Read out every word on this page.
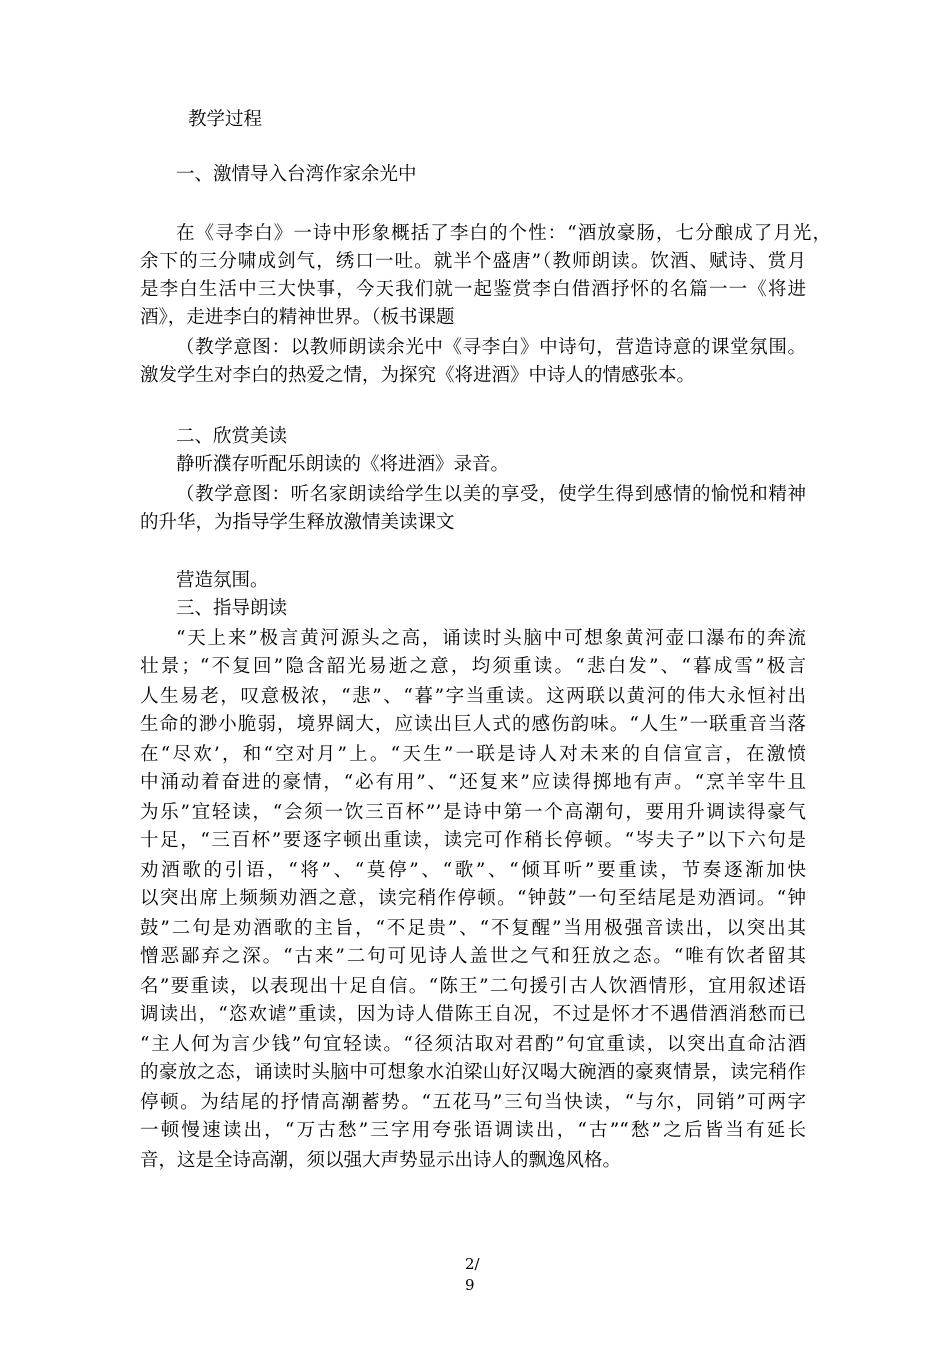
教学过程
一、激情导入台湾作家余光中
在《寻李白》一诗中形象概括了李白的个性：“酒放豪肠，七分酿成了月光，
余下的三分啸成剑气，绣口一吐。就半个盛唐”（教师朗读。饮酒、赋诗、赏月
是李白生活中三大快事，今天我们就一起鉴赏李白借酒抒怀的名篇一一《将进
酒》，走进李白的精神世界。（板书课题
（教学意图：以教师朗读余光中《寻李白》中诗句，营造诗意的课堂氛围。
激发学生对李白的热爱之情，为探究《将进酒》中诗人的情感张本。
二、欣赏美读
静听濮存听配乐朗读的《将进酒》录音。
（教学意图：听名家朗读给学生以美的享受，使学生得到感情的愉悦和精神
的升华，为指导学生释放激情美读课文
营造氛围。
三、指导朗读
“天上来”极言黄河源头之高，诵读时头脑中可想象黄河壶口瀑布的奔流
壮景；“不复回”隐含韶光易逝之意，均须重读。“悲白发”、“暮成雪”极言
人生易老，叹意极浓，“悲”、“暮”字当重读。这两联以黄河的伟大永恒衬出
生命的渺小脆弱，境界阔大，应读出巨人式的感伤韵味。“人生”一联重音当落
在“尽欢’，和“空对月”上。“天生”一联是诗人对未来的自信宣言，在激愤
中涌动着奋进的豪情，“必有用”、“还复来”应读得掷地有声。“烹羊宰牛且
为乐”宜轻读，“会须一饮三百杯”’是诗中第一个高潮句，要用升调读得豪气
十足，“三百杯”要逐字顿出重读，读完可作稍长停顿。“岑夫子”以下六句是
劝酒歌的引语，“将”、“莫停”、“歌”、“倾耳听”要重读，节奏逐渐加快
以突出席上频频劝酒之意，读完稍作停顿。“钟鼓”一句至结尾是劝酒词。“钟
鼓”二句是劝酒歌的主旨，“不足贵”、“不复醒”当用极强音读出，以突出其
憎恶鄙弃之深。“古来”二句可见诗人盖世之气和狂放之态。“唯有饮者留其
名”要重读，以表现出十足自信。“陈王”二句援引古人饮酒情形，宜用叙述语
调读出，“恣欢谑”重读，因为诗人借陈王自况，不过是怀才不遇借酒消愁而已
“主人何为言少钱”句宜轻读。“径须沽取对君酌”句宜重读，以突出直命沽酒
的豪放之态，诵读时头脑中可想象水泊梁山好汉喝大碗酒的豪爽情景，读完稍作
停顿。为结尾的抒情高潮蓄势。“五花马”三句当快读，“与尔，同销”可两字
一顿慢速读出，“万古愁”三字用夸张语调读出，“古”“愁”之后皆当有延长
音，这是全诗高潮，须以强大声势显示出诗人的飘逸风格。
2/
9
